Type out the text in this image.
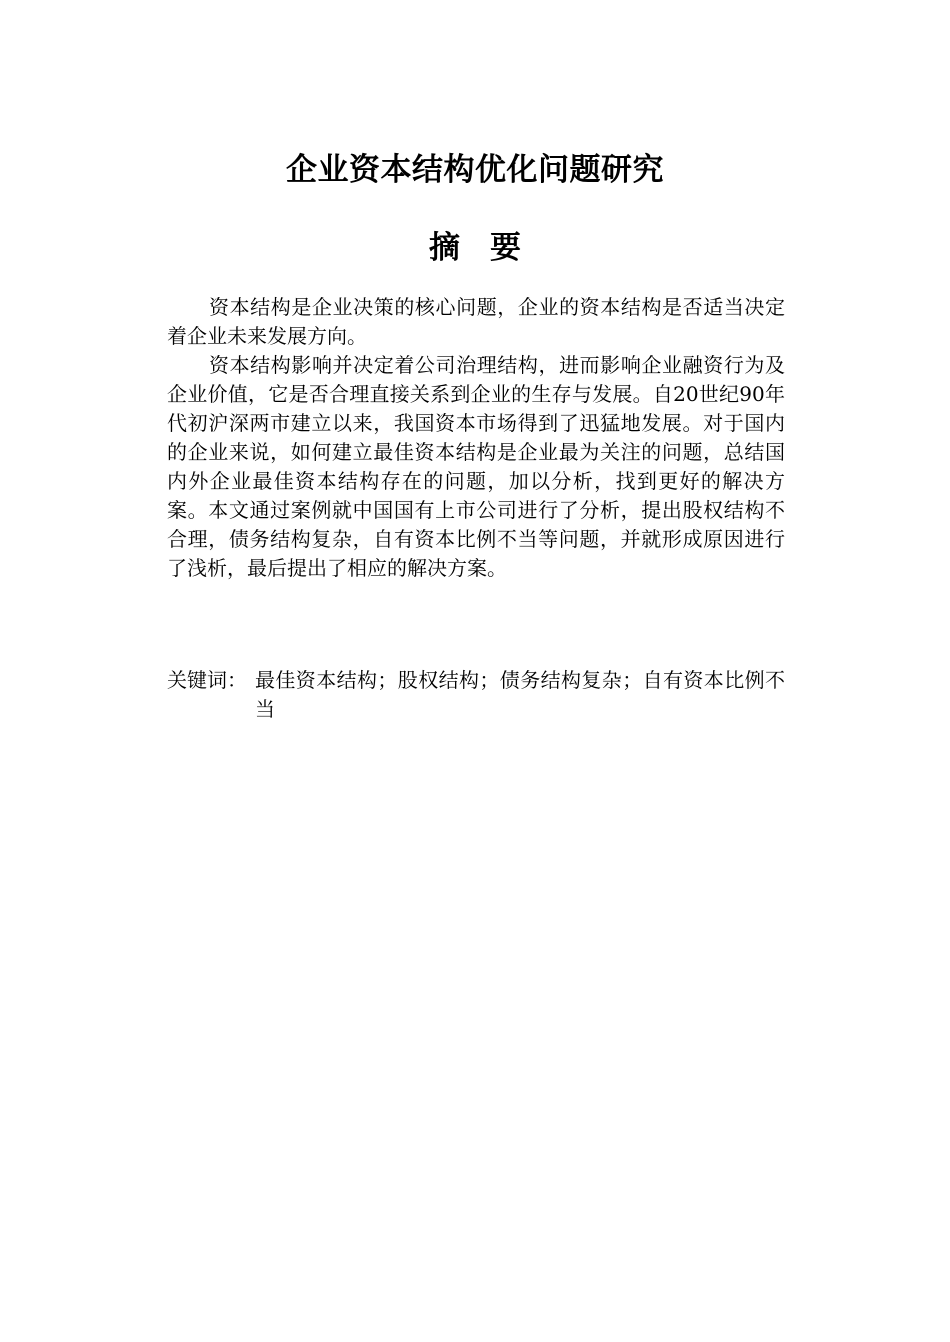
企业资本结构优化问题研究
摘要

资本结构是企业决策的核心问题，企业的资本结构是否适当决定着企业未来发展方向。

资本结构影响并决定着公司治理结构，进而影响企业融资行为及企业价值，它是否合理直接关系到企业的生存与发展。自20世纪90年代初沪深两市建立以来，我国资本市场得到了迅猛地发展。对于国内的企业来说，如何建立最佳资本结构是企业最为关注的问题，总结国内外企业最佳资本结构存在的问题，加以分析，找到更好的解决方案。本文通过案例就中国国有上市公司进行了分析，提出股权结构不合理，债务结构复杂，自有资本比例不当等问题，并就形成原因进行了浅析，最后提出了相应的解决方案。

关键词： 最佳资本结构；股权结构；债务结构复杂；自有资本比例不当
